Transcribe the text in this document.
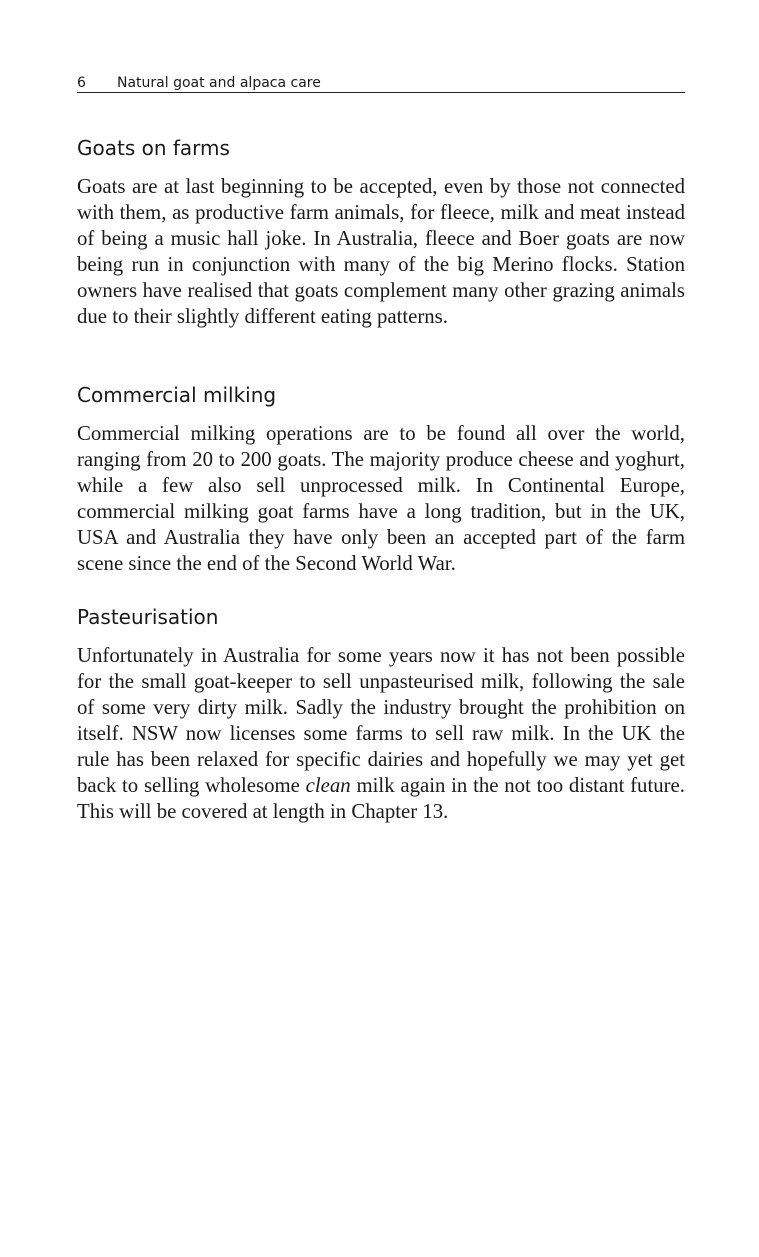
6 Natural goat and alpaca care
Goats on farms

Goats are at last beginning to be accepted, even by those not connected with them, as productive farm animals, for fleece, milk and meat instead of being a music hall joke. In Australia, fleece and Boer goats are now being run in conjunction with many of the big Merino flocks. Station owners have realised that goats complement many other grazing animals due to their slightly different eating patterns.

Commercial milking

Commercial milking operations are to be found all over the world, ranging from 20 to 200 goats. The majority produce cheese and yoghurt, while a few also sell unprocessed milk. In Continental Europe, commercial milking goat farms have a long tradition, but in the UK, USA and Australia they have only been an accepted part of the farm scene since the end of the Second World War.

Pasteurisation

Unfortunately in Australia for some years now it has not been possible for the small goat-keeper to sell unpasteurised milk, following the sale of some very dirty milk. Sadly the industry brought the prohibition on itself. NSW now licenses some farms to sell raw milk. In the UK the rule has been relaxed for specific dairies and hopefully we may yet get back to selling wholesome clean milk again in the not too distant future. This will be covered at length in Chapter 13.
